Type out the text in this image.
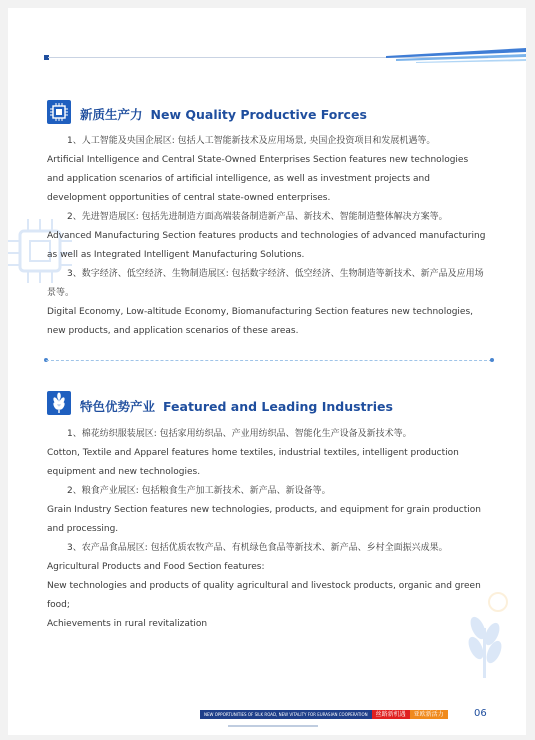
新质生产力 New Quality Productive Forces

1、人工智能及央国企展区: 包括人工智能新技术及应用场景, 央国企投资项目和发展机遇等。

Artificial Intelligence and Central State-Owned Enterprises Section features new technologies and application scenarios of artificial intelligence, as well as investment projects and development opportunities of central state-owned enterprises.

2、先进智造展区: 包括先进制造方面高端装备制造新产品、新技术、智能制造整体解决方案等。

Advanced Manufacturing Section features products and technologies of advanced manufacturing as well as Integrated Intelligent Manufacturing Solutions.

3、数字经济、低空经济、生物制造展区: 包括数字经济、低空经济、生物制造等新技术、新产品及应用场景等。

Digital Economy, Low-altitude Economy, Biomanufacturing Section features new technologies, new products, and application scenarios of these areas.

特色优势产业 Featured and Leading Industries

1、棉花纺织服装展区: 包括家用纺织品、产业用纺织品、智能化生产设备及新技术等。

Cotton, Textile and Apparel features home textiles, industrial textiles, intelligent production equipment and new technologies.

2、粮食产业展区: 包括粮食生产加工新技术、新产品、新设备等。

Grain Industry Section features new technologies, products, and equipment for grain production and processing.

3、农产品食品展区: 包括优质农牧产品、有机绿色食品等新技术、新产品、乡村全面振兴成果。

Agricultural Products and Food Section features:

New technologies and products of quality agricultural and livestock products, organic and green food;

Achievements in rural revitalization

NEW OPPORTUNITIES OF SILK ROAD, NEW VITALITY FOR EURASIAN COOPERATION	丝路新机遇	亚欧新活力	06
